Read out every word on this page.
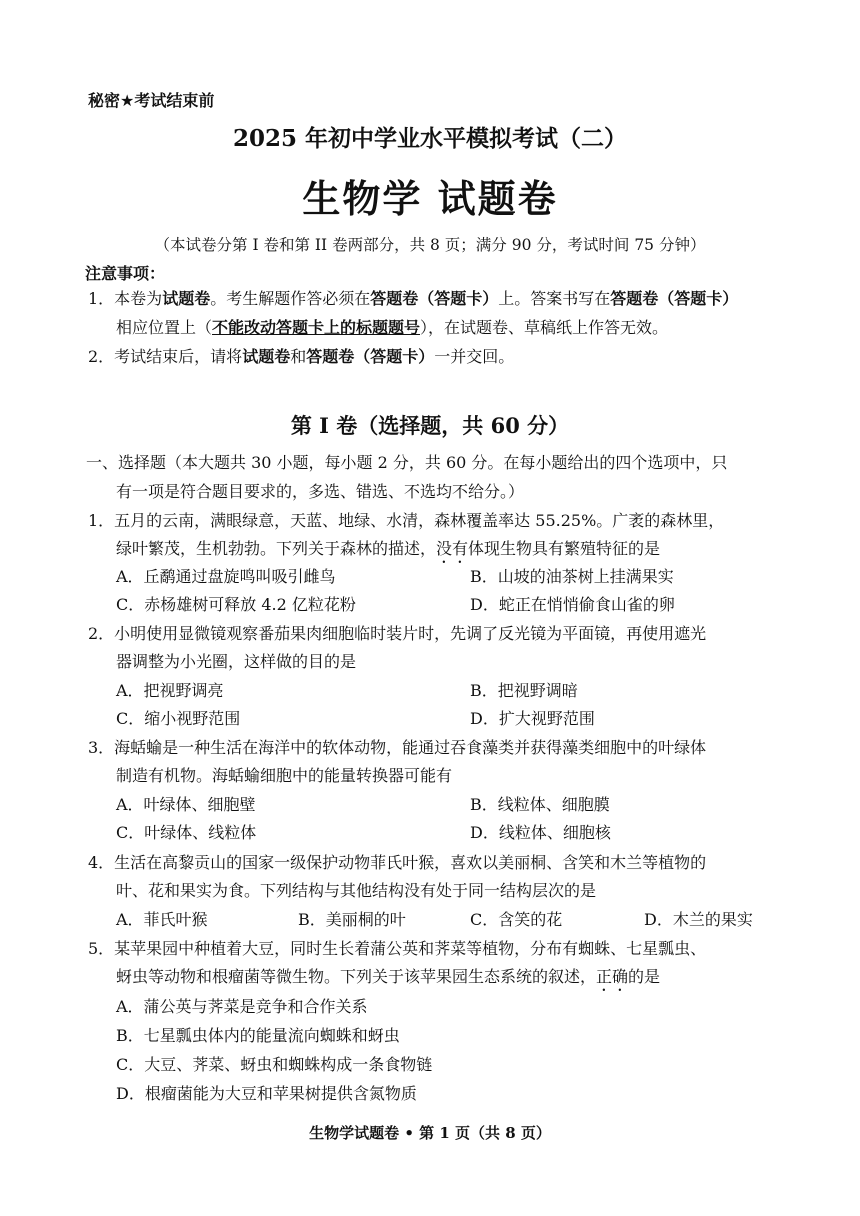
秘密★考试结束前
2025 年初中学业水平模拟考试（二）
生物学 试题卷
（本试卷分第 I 卷和第 II 卷两部分，共 8 页；满分 90 分，考试时间 75 分钟）
注意事项：
1．本卷为试题卷。考生解题作答必须在答题卷（答题卡）上。答案书写在答题卷（答题卡）
相应位置上（不能改动答题卡上的标题题号），在试题卷、草稿纸上作答无效。
2．考试结束后，请将试题卷和答题卷（答题卡）一并交回。
第 I 卷（选择题，共 60 分）
一、选择题（本大题共 30 小题，每小题 2 分，共 60 分。在每小题给出的四个选项中，只
有一项是符合题目要求的，多选、错选、不选均不给分。）
1．五月的云南，满眼绿意，天蓝、地绿、水清，森林覆盖率达 55.25%。广袤的森林里，
绿叶繁茂，生机勃勃。下列关于森林的描述，没有体现生物具有繁殖特征的是
A．丘鹬通过盘旋鸣叫吸引雌鸟	B．山坡的油茶树上挂满果实
C．赤杨雄树可释放 4.2 亿粒花粉	D．蛇正在悄悄偷食山雀的卵
2．小明使用显微镜观察番茄果肉细胞临时装片时，先调了反光镜为平面镜，再使用遮光
器调整为小光圈，这样做的目的是
A．把视野调亮	B．把视野调暗
C．缩小视野范围	D．扩大视野范围
3．海蛞蝓是一种生活在海洋中的软体动物，能通过吞食藻类并获得藻类细胞中的叶绿体
制造有机物。海蛞蝓细胞中的能量转换器可能有
A．叶绿体、细胞壁	B．线粒体、细胞膜
C．叶绿体、线粒体	D．线粒体、细胞核
4．生活在高黎贡山的国家一级保护动物菲氏叶猴，喜欢以美丽桐、含笑和木兰等植物的
叶、花和果实为食。下列结构与其他结构没有处于同一结构层次的是
A．菲氏叶猴	B．美丽桐的叶	C．含笑的花	D．木兰的果实
5．某苹果园中种植着大豆，同时生长着蒲公英和荠菜等植物，分布有蜘蛛、七星瓢虫、
蚜虫等动物和根瘤菌等微生物。下列关于该苹果园生态系统的叙述，正确的是
A．蒲公英与荠菜是竞争和合作关系
B．七星瓢虫体内的能量流向蜘蛛和蚜虫
C．大豆、荠菜、蚜虫和蜘蛛构成一条食物链
D．根瘤菌能为大豆和苹果树提供含氮物质
生物学试题卷 • 第 1 页（共 8 页）
